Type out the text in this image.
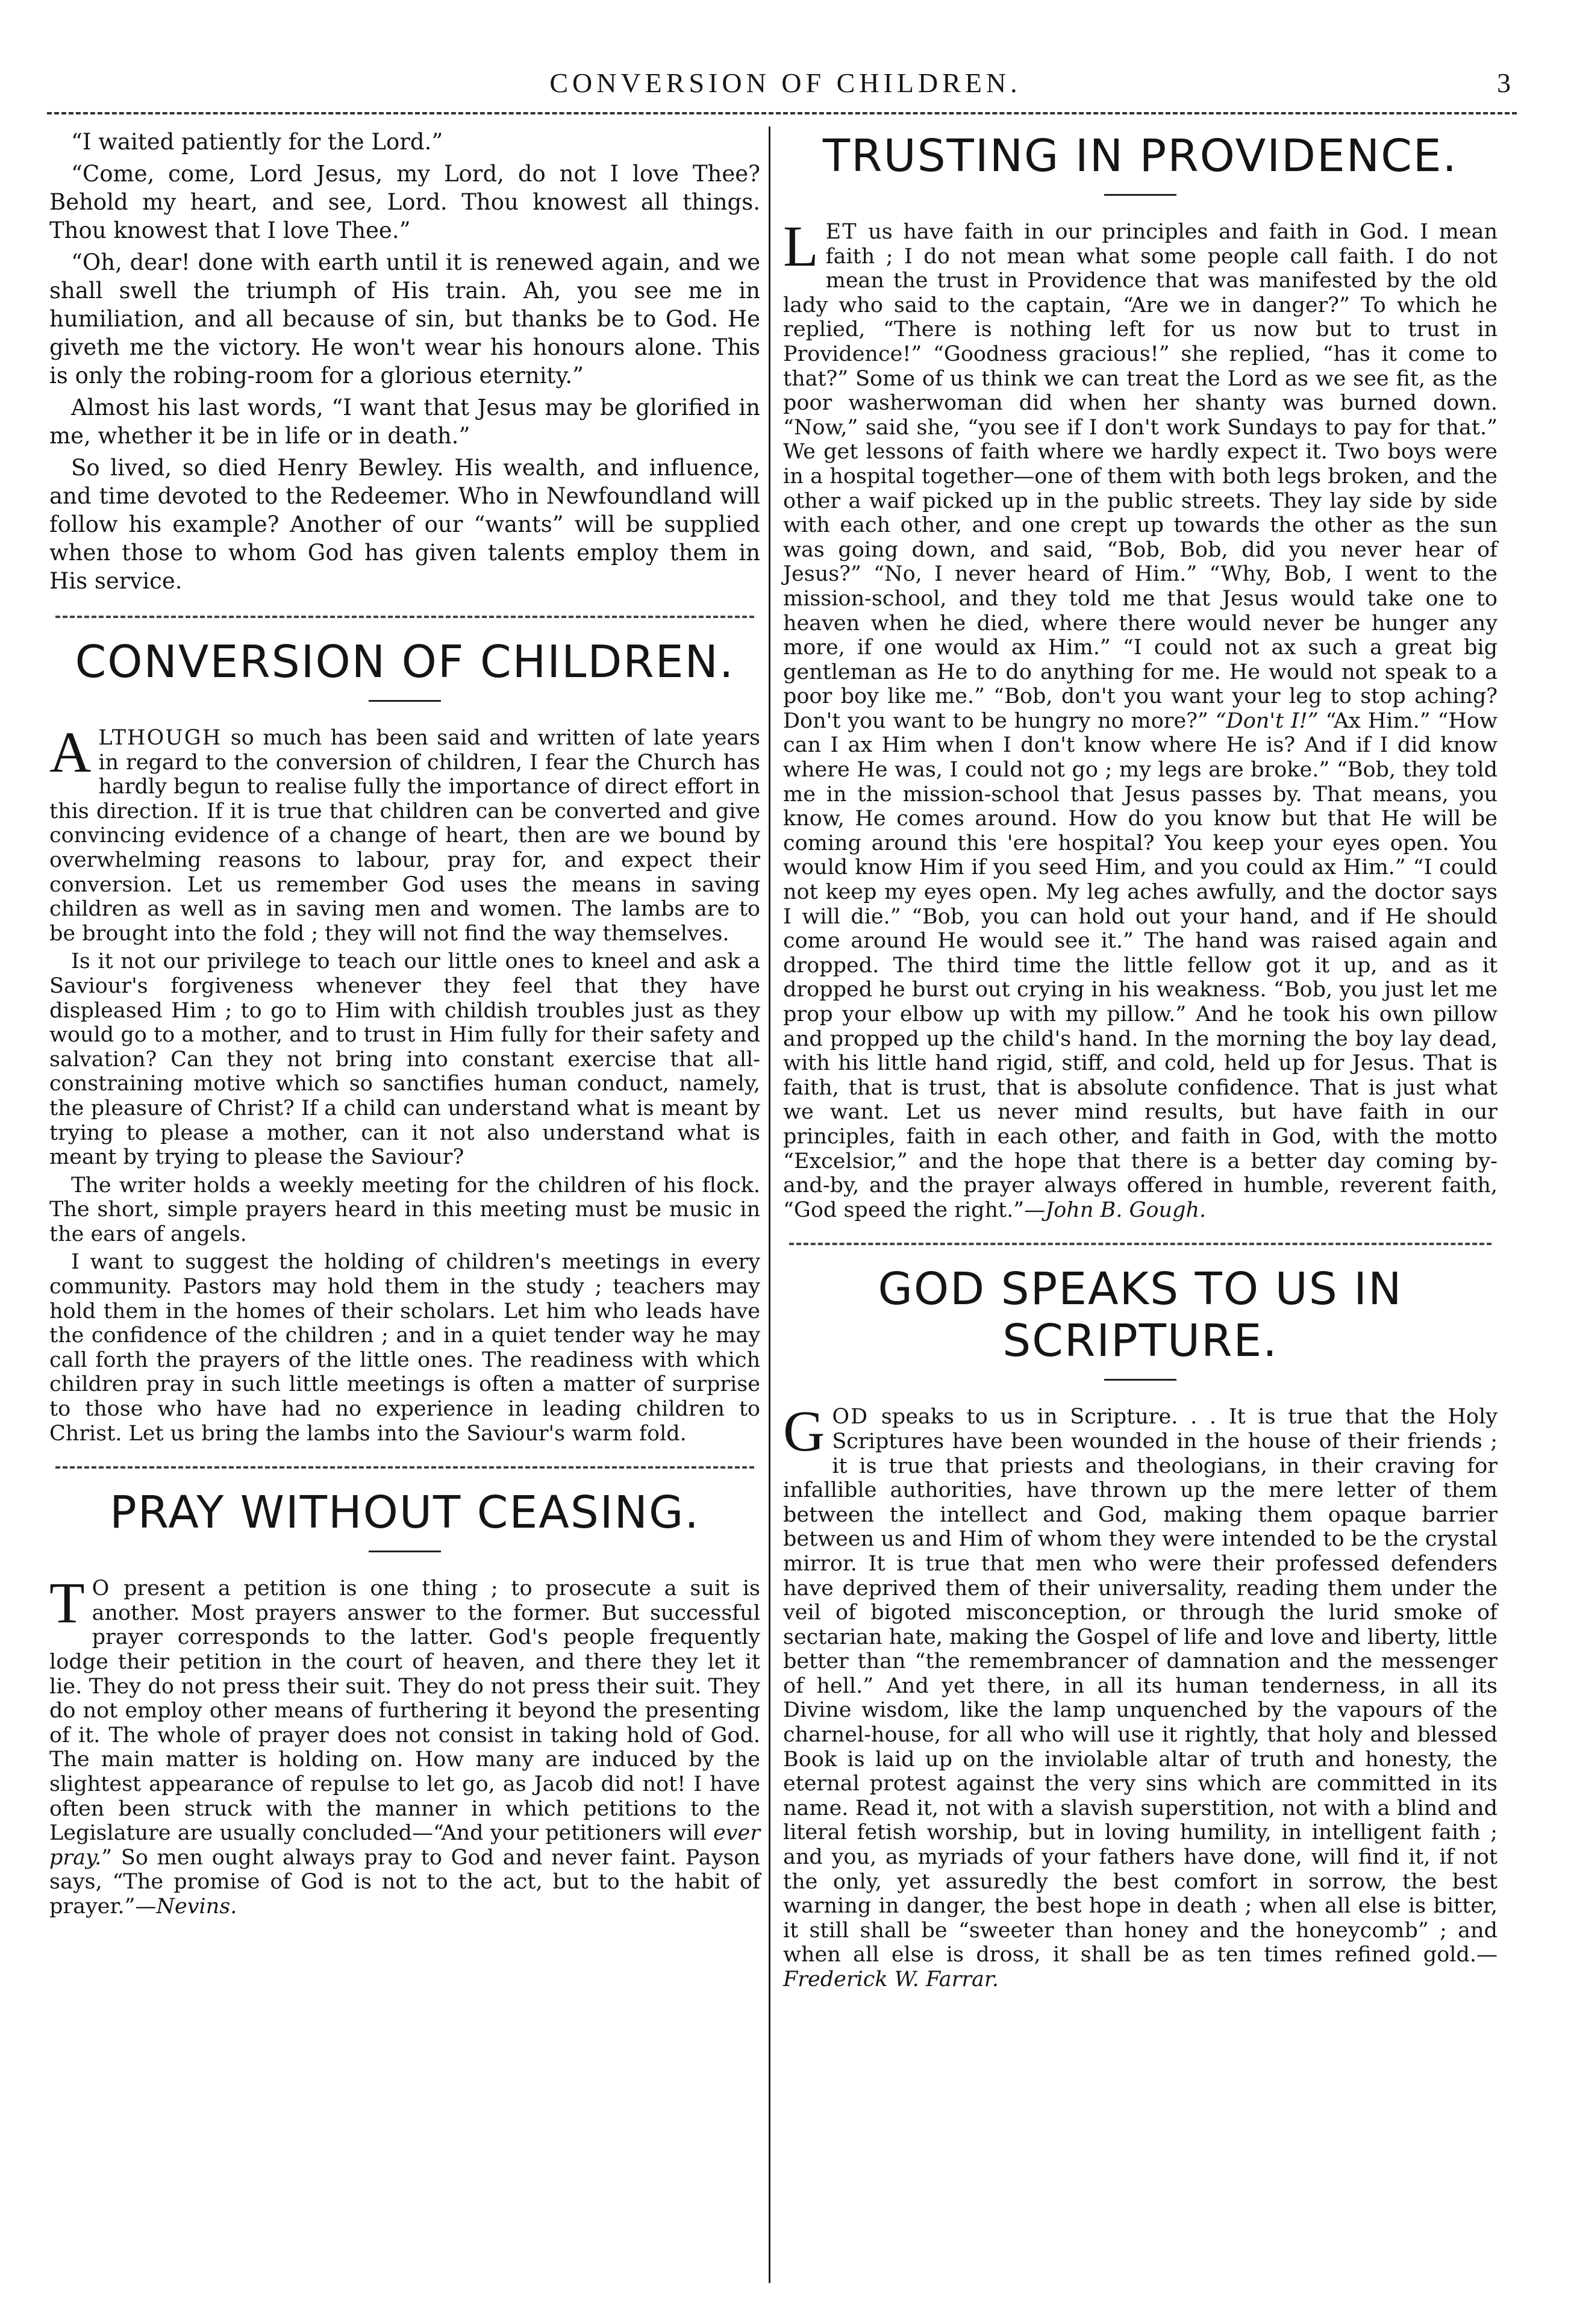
CONVERSION OF CHILDREN.	3

“I waited patiently for the Lord.”

“Come, come, Lord Jesus, my Lord, do not I love Thee? Behold my heart, and see, Lord. Thou knowest all things. Thou knowest that I love Thee.”

“Oh, dear! done with earth until it is renewed again, and we shall swell the triumph of His train. Ah, you see me in humiliation, and all because of sin, but thanks be to God. He giveth me the victory. He won't wear his honours alone. This is only the robing-room for a glorious eternity.”

Almost his last words, “I want that Jesus may be glorified in me, whether it be in life or in death.”

So lived, so died Henry Bewley. His wealth, and influence, and time devoted to the Redeemer. Who in Newfoundland will follow his example? Another of our “wants” will be supplied when those to whom God has given talents employ them in His service.

CONVERSION OF CHILDREN.

ALTHOUGH so much has been said and written of late years in regard to the conversion of children, I fear the Church has hardly begun to realise fully the importance of direct effort in this direction. If it is true that children can be converted and give convincing evidence of a change of heart, then are we bound by overwhelming reasons to labour, pray for, and expect their conversion. Let us remember God uses the means in saving children as well as in saving men and women. The lambs are to be brought into the fold ; they will not find the way themselves.

Is it not our privilege to teach our little ones to kneel and ask a Saviour's forgiveness whenever they feel that they have displeased Him ; to go to Him with childish troubles just as they would go to a mother, and to trust in Him fully for their safety and salvation? Can they not bring into constant exercise that all-constraining motive which so sanctifies human conduct, namely, the pleasure of Christ? If a child can understand what is meant by trying to please a mother, can it not also understand what is meant by trying to please the Saviour?

The writer holds a weekly meeting for the children of his flock. The short, simple prayers heard in this meeting must be music in the ears of angels.

I want to suggest the holding of children's meetings in every community. Pastors may hold them in the study ; teachers may hold them in the homes of their scholars. Let him who leads have the confidence of the children ; and in a quiet tender way he may call forth the prayers of the little ones. The readiness with which children pray in such little meetings is often a matter of surprise to those who have had no experience in leading children to Christ. Let us bring the lambs into the Saviour's warm fold.

PRAY WITHOUT CEASING.

T O present a petition is one thing ; to prosecute a suit is another. Most prayers answer to the former. But successful prayer corresponds to the latter. God's people frequently lodge their petition in the court of heaven, and there they let it lie. They do not press their suit. They do not press their suit. They do not employ other means of furthering it beyond the presenting of it. The whole of prayer does not consist in taking hold of God. The main matter is holding on. How many are induced by the slightest appearance of repulse to let go, as Jacob did not! I have often been struck with the manner in which petitions to the Legislature are usually concluded—“And your petitioners will ever pray.” So men ought always pray to God and never faint. Payson says, “The promise of God is not to the act, but to the habit of prayer.”—Nevins.

TRUSTING IN PROVIDENCE.

LET us have faith in our principles and faith in God. I mean faith ; I do not mean what some people call faith. I do not mean the trust in Providence that was manifested by the old lady who said to the captain, “Are we in danger?” To which he replied, “There is nothing left for us now but to trust in Providence!” “Goodness gracious!” she replied, “has it come to that?” Some of us think we can treat the Lord as we see fit, as the poor washerwoman did when her shanty was burned down. “Now,” said she, “you see if I don't work Sundays to pay for that.” We get lessons of faith where we hardly expect it. Two boys were in a hospital together—one of them with both legs broken, and the other a waif picked up in the public streets. They lay side by side with each other, and one crept up towards the other as the sun was going down, and said, “Bob, Bob, did you never hear of Jesus?” “No, I never heard of Him.” “Why, Bob, I went to the mission-school, and they told me that Jesus would take one to heaven when he died, where there would never be hunger any more, if one would ax Him.” “I could not ax such a great big gentleman as He to do anything for me. He would not speak to a poor boy like me.” “Bob, don't you want your leg to stop aching? Don't you want to be hungry no more?” “Don't I!” “Ax Him.” “How can I ax Him when I don't know where He is? And if I did know where He was, I could not go ; my legs are broke.” “Bob, they told me in the mission-school that Jesus passes by. That means, you know, He comes around. How do you know but that He will be coming around this 'ere hospital? You keep your eyes open. You would know Him if you seed Him, and you could ax Him.” “I could not keep my eyes open. My leg aches awfully, and the doctor says I will die.” “Bob, you can hold out your hand, and if He should come around He would see it.” The hand was raised again and dropped. The third time the little fellow got it up, and as it dropped he burst out crying in his weakness. “Bob, you just let me prop your elbow up with my pillow.” And he took his own pillow and propped up the child's hand. In the morning the boy lay dead, with his little hand rigid, stiff, and cold, held up for Jesus. That is faith, that is trust, that is absolute confidence. That is just what we want. Let us never mind results, but have faith in our principles, faith in each other, and faith in God, with the motto “Excelsior,” and the hope that there is a better day coming by-and-by, and the prayer always offered in humble, reverent faith, “God speed the right.”—John B. Gough.

GOD SPEAKS TO US IN SCRIPTURE.

GOD speaks to us in Scripture. . . It is true that the Holy Scriptures have been wounded in the house of their friends ; it is true that priests and theologians, in their craving for infallible authorities, have thrown up the mere letter of them between the intellect and God, making them opaque barrier between us and Him of whom they were intended to be the crystal mirror. It is true that men who were their professed defenders have deprived them of their universality, reading them under the veil of bigoted misconception, or through the lurid smoke of sectarian hate, making the Gospel of life and love and liberty, little better than “the remembrancer of damnation and the messenger of hell.” And yet there, in all its human tenderness, in all its Divine wisdom, like the lamp unquenched by the vapours of the charnel-house, for all who will use it rightly, that holy and blessed Book is laid up on the inviolable altar of truth and honesty, the eternal protest against the very sins which are committed in its name. Read it, not with a slavish superstition, not with a blind and literal fetish worship, but in loving humility, in intelligent faith ; and you, as myriads of your fathers have done, will find it, if not the only, yet assuredly the best comfort in sorrow, the best warning in danger, the best hope in death ; when all else is bitter, it still shall be “sweeter than honey and the honeycomb” ; and when all else is dross, it shall be as ten times refined gold.—Frederick W. Farrar.
